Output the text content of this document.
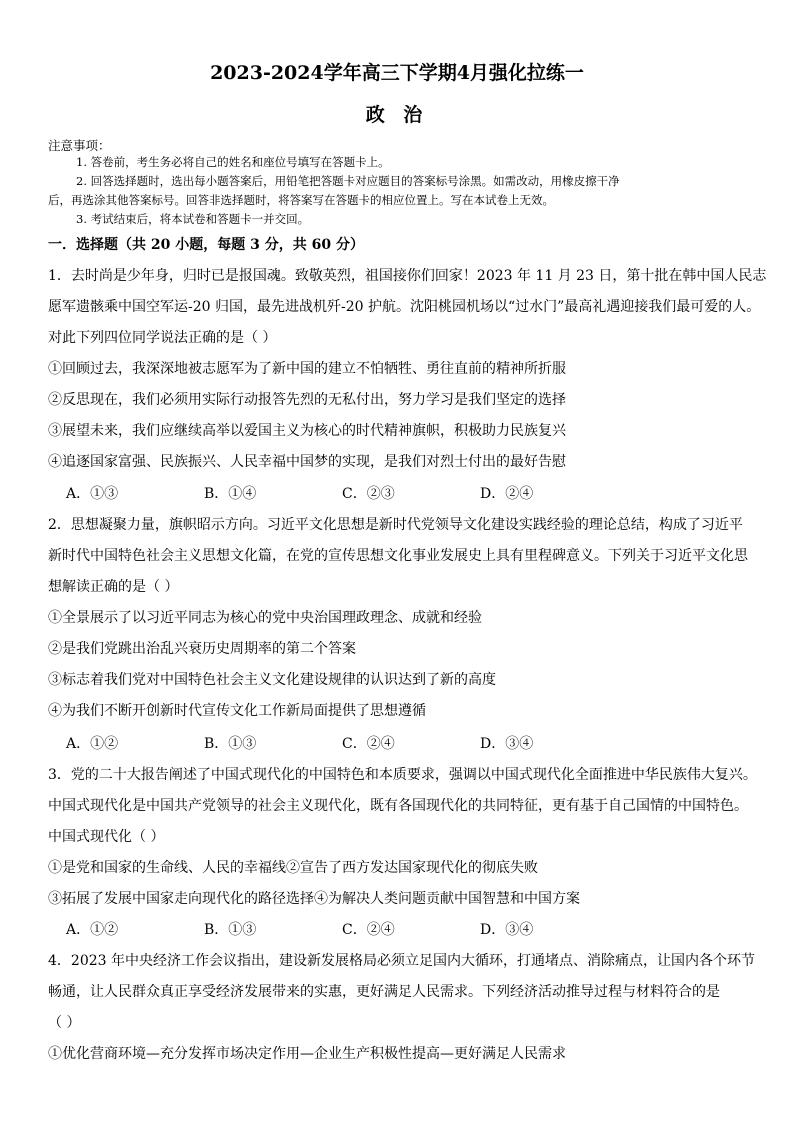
2023-2024学年高三下学期4月强化拉练一
政 治
注意事项：
1. 答卷前，考生务必将自己的姓名和座位号填写在答题卡上。
2. 回答选择题时，选出每小题答案后，用铅笔把答题卡对应题目的答案标号涂黑。如需改动，用橡皮擦干净
后，再选涂其他答案标号。回答非选择题时，将答案写在答题卡的相应位置上。写在本试卷上无效。
3. 考试结束后，将本试卷和答题卡一并交回。
一．选择题（共 20 小题，每题 3 分，共 60 分）
1．去时尚是少年身，归时已是报国魂。致敬英烈，祖国接你们回家！2023 年 11 月 23 日，第十批在韩中国人民志
愿军遗骸乘中国空军运-20 归国，最先进战机歼-20 护航。沈阳桃园机场以“过水门”最高礼遇迎接我们最可爱的人。
对此下列四位同学说法正确的是（ ）
①回顾过去，我深深地被志愿军为了新中国的建立不怕牺牲、勇往直前的精神所折服
②反思现在，我们必须用实际行动报答先烈的无私付出，努力学习是我们坚定的选择
③展望未来，我们应继续高举以爱国主义为核心的时代精神旗帜，积极助力民族复兴
④追逐国家富强、民族振兴、人民幸福中国梦的实现，是我们对烈士付出的最好告慰
A．①③	B．①④	C．②③	D．②④
2．思想凝聚力量，旗帜昭示方向。习近平文化思想是新时代党领导文化建设实践经验的理论总结，构成了习近平
新时代中国特色社会主义思想文化篇，在党的宣传思想文化事业发展史上具有里程碑意义。下列关于习近平文化思
想解读正确的是（ ）
①全景展示了以习近平同志为核心的党中央治国理政理念、成就和经验
②是我们党跳出治乱兴衰历史周期率的第二个答案
③标志着我们党对中国特色社会主义文化建设规律的认识达到了新的高度
④为我们不断开创新时代宣传文化工作新局面提供了思想遵循
A．①②	B．①③	C．②④	D．③④
3．党的二十大报告阐述了中国式现代化的中国特色和本质要求，强调以中国式现代化全面推进中华民族伟大复兴。
中国式现代化是中国共产党领导的社会主义现代化，既有各国现代化的共同特征，更有基于自己国情的中国特色。
中国式现代化（ ）
①是党和国家的生命线、人民的幸福线②宣告了西方发达国家现代化的彻底失败
③拓展了发展中国家走向现代化的路径选择④为解决人类问题贡献中国智慧和中国方案
A．①②	B．①③	C．②④	D．③④
4．2023 年中央经济工作会议指出，建设新发展格局必须立足国内大循环，打通堵点、消除痛点，让国内各个环节
畅通，让人民群众真正享受经济发展带来的实惠，更好满足人民需求。下列经济活动推导过程与材料符合的是
（ ）
①优化营商环境—充分发挥市场决定作用—企业生产积极性提高—更好满足人民需求
